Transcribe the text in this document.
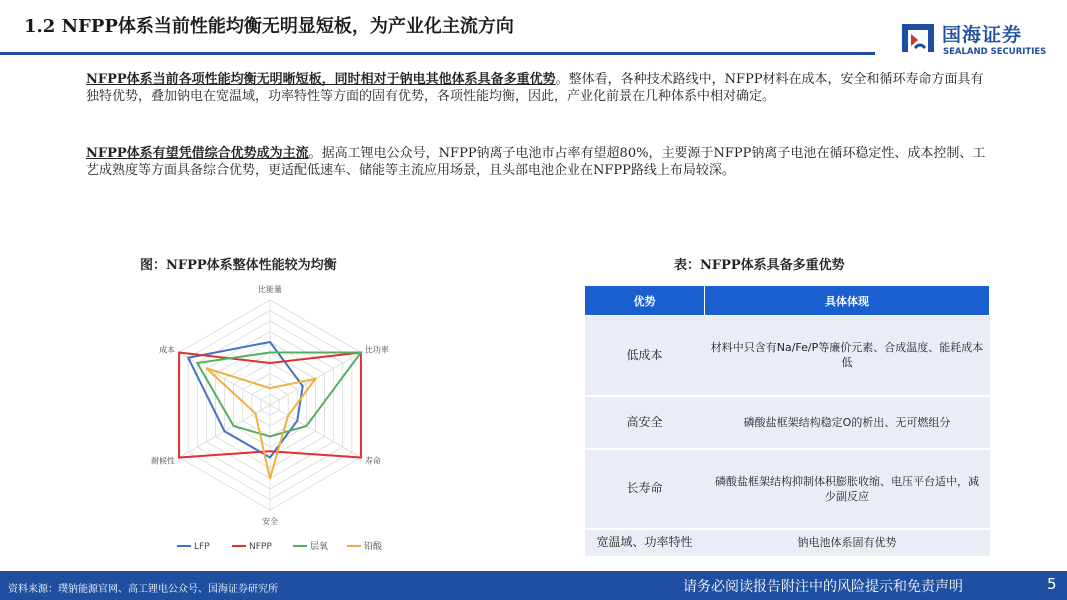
1.2 NFPP体系当前性能均衡无明显短板，为产业化主流方向	国海证券
SEALAND SECURITIES
NFPP体系当前各项性能均衡无明晰短板，同时相对于钠电其他体系具备多重优势。整体看，各种技术路线中，NFPP材料在成本，安全和循环寿命方面具有独特优势，叠加钠电在宽温域，功率特性等方面的固有优势，各项性能均衡，因此，产业化前景在几种体系中相对确定。
NFPP体系有望凭借综合优势成为主流。据高工锂电公众号，NFPP钠离子电池市占率有望超80%，主要源于NFPP钠离子电池在循环稳定性、成本控制、工艺成熟度等方面具备综合优势，更适配低速车、储能等主流应用场景，且头部电池企业在NFPP路线上布局较深。
图：NFPP体系整体性能较为均衡	表：NFPP体系具备多重优势
比能量
比功率
寿命
安全
耐候性
成本
LFP	NFPP	层氧	铅酸
优势	具体体现
低成本	材料中只含有Na/Fe/P等廉价元素、合成温度、能耗成本低
高安全	磷酸盐框架结构稳定O的析出、无可燃组分
长寿命	磷酸盐框架结构抑制体积膨胀收缩、电压平台适中，减少副反应
宽温域、功率特性	钠电池体系固有优势
资料来源：璞钠能源官网、高工锂电公众号、国海证券研究所	请务必阅读报告附注中的风险提示和免责声明	5
